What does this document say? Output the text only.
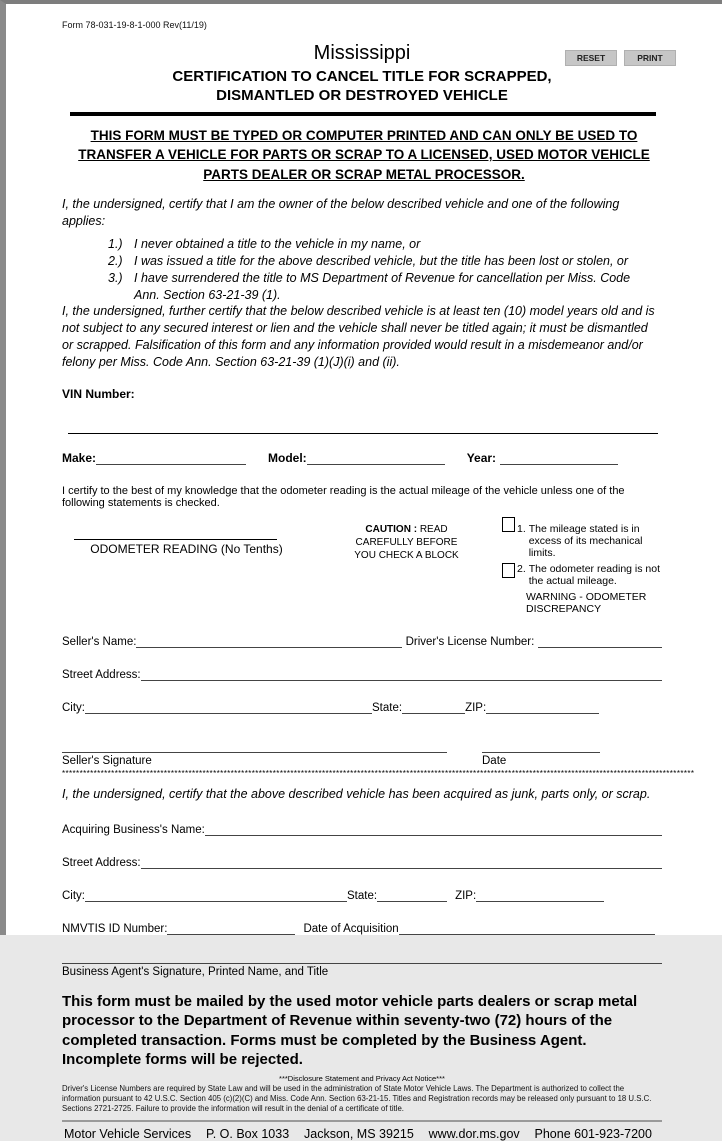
RESET	PRINT
Form 78-031-19-8-1-000 Rev(11/19)
Mississippi
CERTIFICATION TO CANCEL TITLE FOR SCRAPPED,
DISMANTLED OR DESTROYED VEHICLE
THIS FORM MUST BE TYPED OR COMPUTER PRINTED AND CAN ONLY BE USED TO TRANSFER A VEHICLE FOR PARTS OR SCRAP TO A LICENSED, USED MOTOR VEHICLE PARTS DEALER OR SCRAP METAL PROCESSOR.
I, the undersigned, certify that I am the owner of the below described vehicle and one of the following applies:
1.) I never obtained a title to the vehicle in my name, or
2.) I was issued a title for the above described vehicle, but the title has been lost or stolen, or
3.) I have surrendered the title to MS Department of Revenue for cancellation per Miss. Code Ann. Section 63-21-39 (1).
I, the undersigned, further certify that the below described vehicle is at least ten (10) model years old and is not subject to any secured interest or lien and the vehicle shall never be titled again; it must be dismantled or scrapped. Falsification of this form and any information provided would result in a misdemeanor and/or felony per Miss. Code Ann. Section 63-21-39 (1)(J)(i) and (ii).
VIN Number:
Make:	Model:	Year:
I certify to the best of my knowledge that the odometer reading is the actual mileage of the vehicle unless one of the following statements is checked.
ODOMETER READING (No Tenths)
CAUTION : READ
CAREFULLY BEFORE
YOU CHECK A BLOCK
1.
The mileage stated is in excess of its mechanical limits.
2.
The odometer reading is not the actual mileage.
WARNING - ODOMETER DISCREPANCY
Seller's Name:	Driver's License Number:
Street Address:
City:	State:	ZIP:
Seller's Signature	Date
************************************************************************************************************************************************************************************
I, the undersigned, certify that the above described vehicle has been acquired as junk, parts only, or scrap.
Acquiring Business's Name:
Street Address:
City:	State:	ZIP:
NMVTIS ID Number:	Date of Acquisition
Business Agent's Signature, Printed Name, and Title
This form must be mailed by the used motor vehicle parts dealers or scrap metal processor to the Department of Revenue within seventy-two (72) hours of the completed transaction. Forms must be completed by the Business Agent. Incomplete forms will be rejected.
***Disclosure Statement and Privacy Act Notice***
Driver's License Numbers are required by State Law and will be used in the administration of State Motor Vehicle Laws. The Department is authorized to collect the information pursuant to 42 U.S.C. Section 405 (c)(2)(C) and Miss. Code Ann. Section 63-21-15. Titles and Registration records may be released only pursuant to 18 U.S.C. Sections 2721-2725. Failure to provide the information will result in the denial of a certificate of title.
Motor Vehicle Services P. O. Box 1033 Jackson, MS 39215 www.dor.ms.gov Phone 601-923-7200
